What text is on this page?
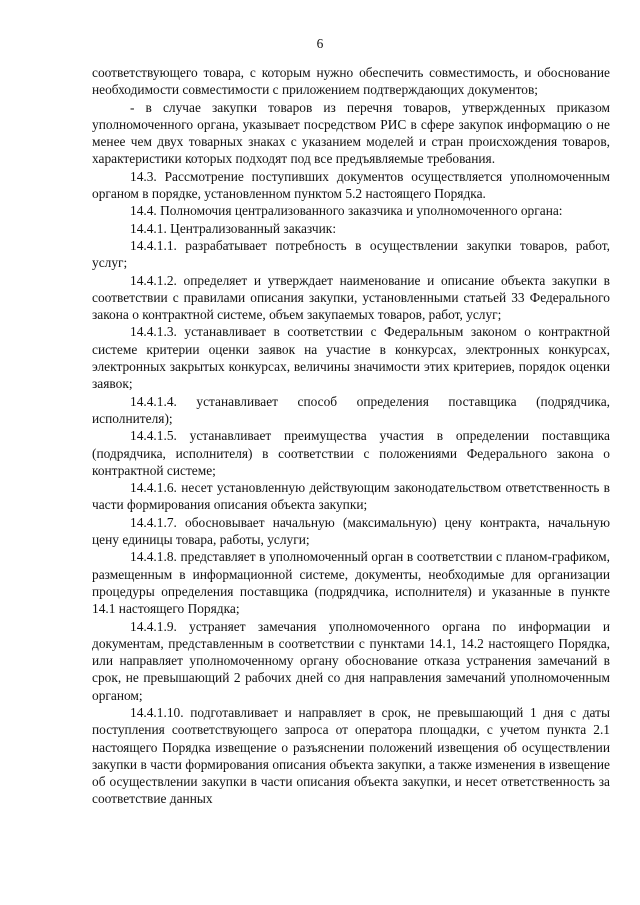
6

соответствующего товара, с которым нужно обеспечить совместимость, и обоснование необходимости совместимости с приложением подтверждающих документов;

- в случае закупки товаров из перечня товаров, утвержденных приказом уполномоченного органа, указывает посредством РИС в сфере закупок информацию о не менее чем двух товарных знаках с указанием моделей и стран происхождения товаров, характеристики которых подходят под все предъявляемые требования.

14.3. Рассмотрение поступивших документов осуществляется уполномоченным органом в порядке, установленном пунктом 5.2 настоящего Порядка.

14.4. Полномочия централизованного заказчика и уполномоченного органа:

14.4.1. Централизованный заказчик:

14.4.1.1. разрабатывает потребность в осуществлении закупки товаров, работ, услуг;

14.4.1.2. определяет и утверждает наименование и описание объекта закупки в соответствии с правилами описания закупки, установленными статьей 33 Федерального закона о контрактной системе, объем закупаемых товаров, работ, услуг;

14.4.1.3. устанавливает в соответствии с Федеральным законом о контрактной системе критерии оценки заявок на участие в конкурсах, электронных конкурсах, электронных закрытых конкурсах, величины значимости этих критериев, порядок оценки заявок;

14.4.1.4. устанавливает способ определения поставщика (подрядчика, исполнителя);

14.4.1.5. устанавливает преимущества участия в определении поставщика (подрядчика, исполнителя) в соответствии с положениями Федерального закона о контрактной системе;

14.4.1.6. несет установленную действующим законодательством ответственность в части формирования описания объекта закупки;

14.4.1.7. обосновывает начальную (максимальную) цену контракта, начальную цену единицы товара, работы, услуги;

14.4.1.8. представляет в уполномоченный орган в соответствии с планом-графиком, размещенным в информационной системе, документы, необходимые для организации процедуры определения поставщика (подрядчика, исполнителя) и указанные в пункте 14.1 настоящего Порядка;

14.4.1.9. устраняет замечания уполномоченного органа по информации и документам, представленным в соответствии с пунктами 14.1, 14.2 настоящего Порядка, или направляет уполномоченному органу обоснование отказа устранения замечаний в срок, не превышающий 2 рабочих дней со дня направления замечаний уполномоченным органом;

14.4.1.10. подготавливает и направляет в срок, не превышающий 1 дня с даты поступления соответствующего запроса от оператора площадки, с учетом пункта 2.1 настоящего Порядка извещение о разъяснении положений извещения об осуществлении закупки в части формирования описания объекта закупки, а также изменения в извещение об осуществлении закупки в части описания объекта закупки, и несет ответственность за соответствие данных
